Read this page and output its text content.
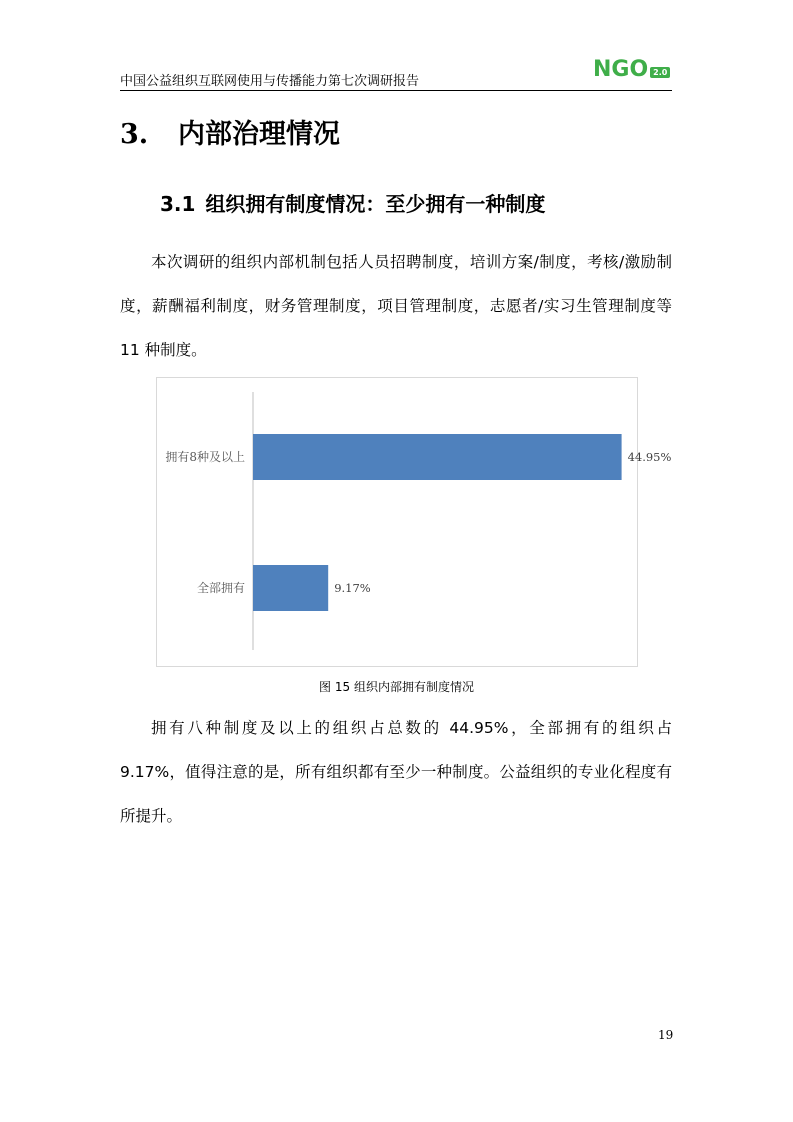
中国公益组织互联网使用与传播能力第七次调研报告	NGO 2.0
3. 内部治理情况
3.1 组织拥有制度情况：至少拥有一种制度

本次调研的组织内部机制包括人员招聘制度，培训方案/制度，考核/激励制度，薪酬福利制度，财务管理制度，项目管理制度，志愿者/实习生管理制度等 11 种制度。

拥有8种及以上	44.95%
全部拥有	9.17%
图 15 组织内部拥有制度情况

拥有八种制度及以上的组织占总数的 44.95%，全部拥有的组织占 9.17%，值得注意的是，所有组织都有至少一种制度。公益组织的专业化程度有所提升。

19
